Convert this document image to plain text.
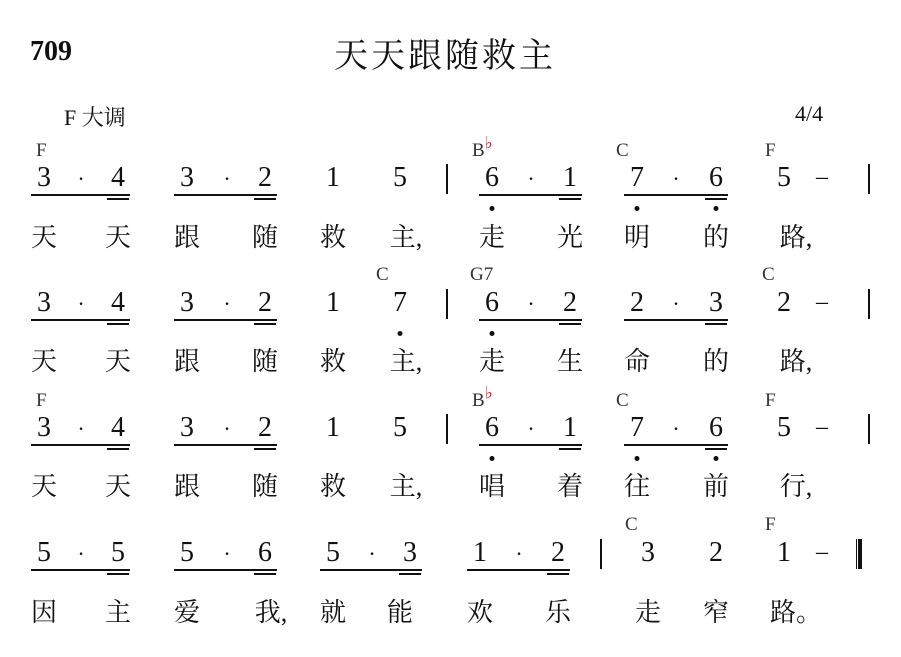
709	天天跟随救主
F 大调	4/4
F	B♭	C	F
3 4 3 2 1 5	6 1 7 6 5
·	·	·	·	–
天 天 跟 随 救 主, 走 光 明 的 路,
C	G7	C
3 4 3 2 1 7	6 2 2 3 2
·	·	·	·	–
天 天 跟 随 救 主, 走 生 命 的 路,
F	B♭	C	F
3 4 3 2 1 5	6 1 7 6 5
·	·	·	·	–
天 天 跟 随 救 主, 唱 着 往 前 行,
C	F
5 5 5 6 5 3 1 2	3 2 1
·	·	·	·	–
因 主 爱 我, 就 能 欢 乐 走 窄 路。
